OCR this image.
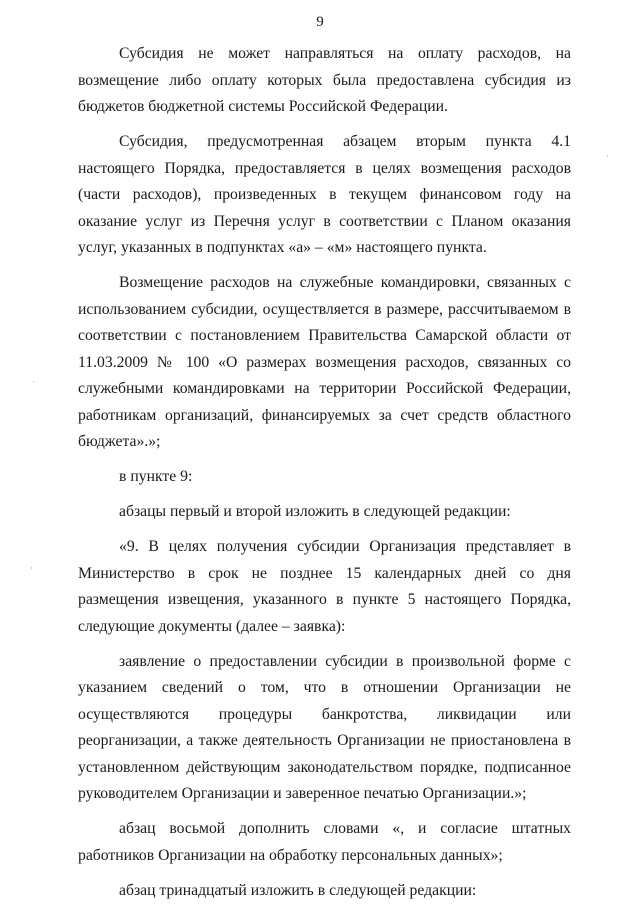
9

Субсидия не может направляться на оплату расходов, на возмещение либо оплату которых была предоставлена субсидия из бюджетов бюджетной системы Российской Федерации.

Субсидия, предусмотренная абзацем вторым пункта 4.1 настоящего Порядка, предоставляется в целях возмещения расходов (части расходов), произведенных в текущем финансовом году на оказание услуг из Перечня услуг в соответствии с Планом оказания услуг, указанных в подпунктах «а» – «м» настоящего пункта.

Возмещение расходов на служебные командировки, связанных с использованием субсидии, осуществляется в размере, рассчитываемом в соответствии с постановлением Правительства Самарской области от 11.03.2009 № 100 «О размерах возмещения расходов, связанных со служебными командировками на территории Российской Федерации, работникам организаций, финансируемых за счет средств областного бюджета».»;

в пункте 9:

абзацы первый и второй изложить в следующей редакции:

«9. В целях получения субсидии Организация представляет в Министерство в срок не позднее 15 календарных дней со дня размещения извещения, указанного в пункте 5 настоящего Порядка, следующие документы (далее – заявка):

заявление о предоставлении субсидии в произвольной форме с указанием сведений о том, что в отношении Организации не осуществляются процедуры банкротства, ликвидации или реорганизации, а также деятельность Организации не приостановлена в установленном действующим законодательством порядке, подписанное руководителем Организации и заверенное печатью Организации.»;

абзац восьмой дополнить словами «, и согласие штатных работников Организации на обработку персональных данных»;

абзац тринадцатый изложить в следующей редакции:

·
·
·
